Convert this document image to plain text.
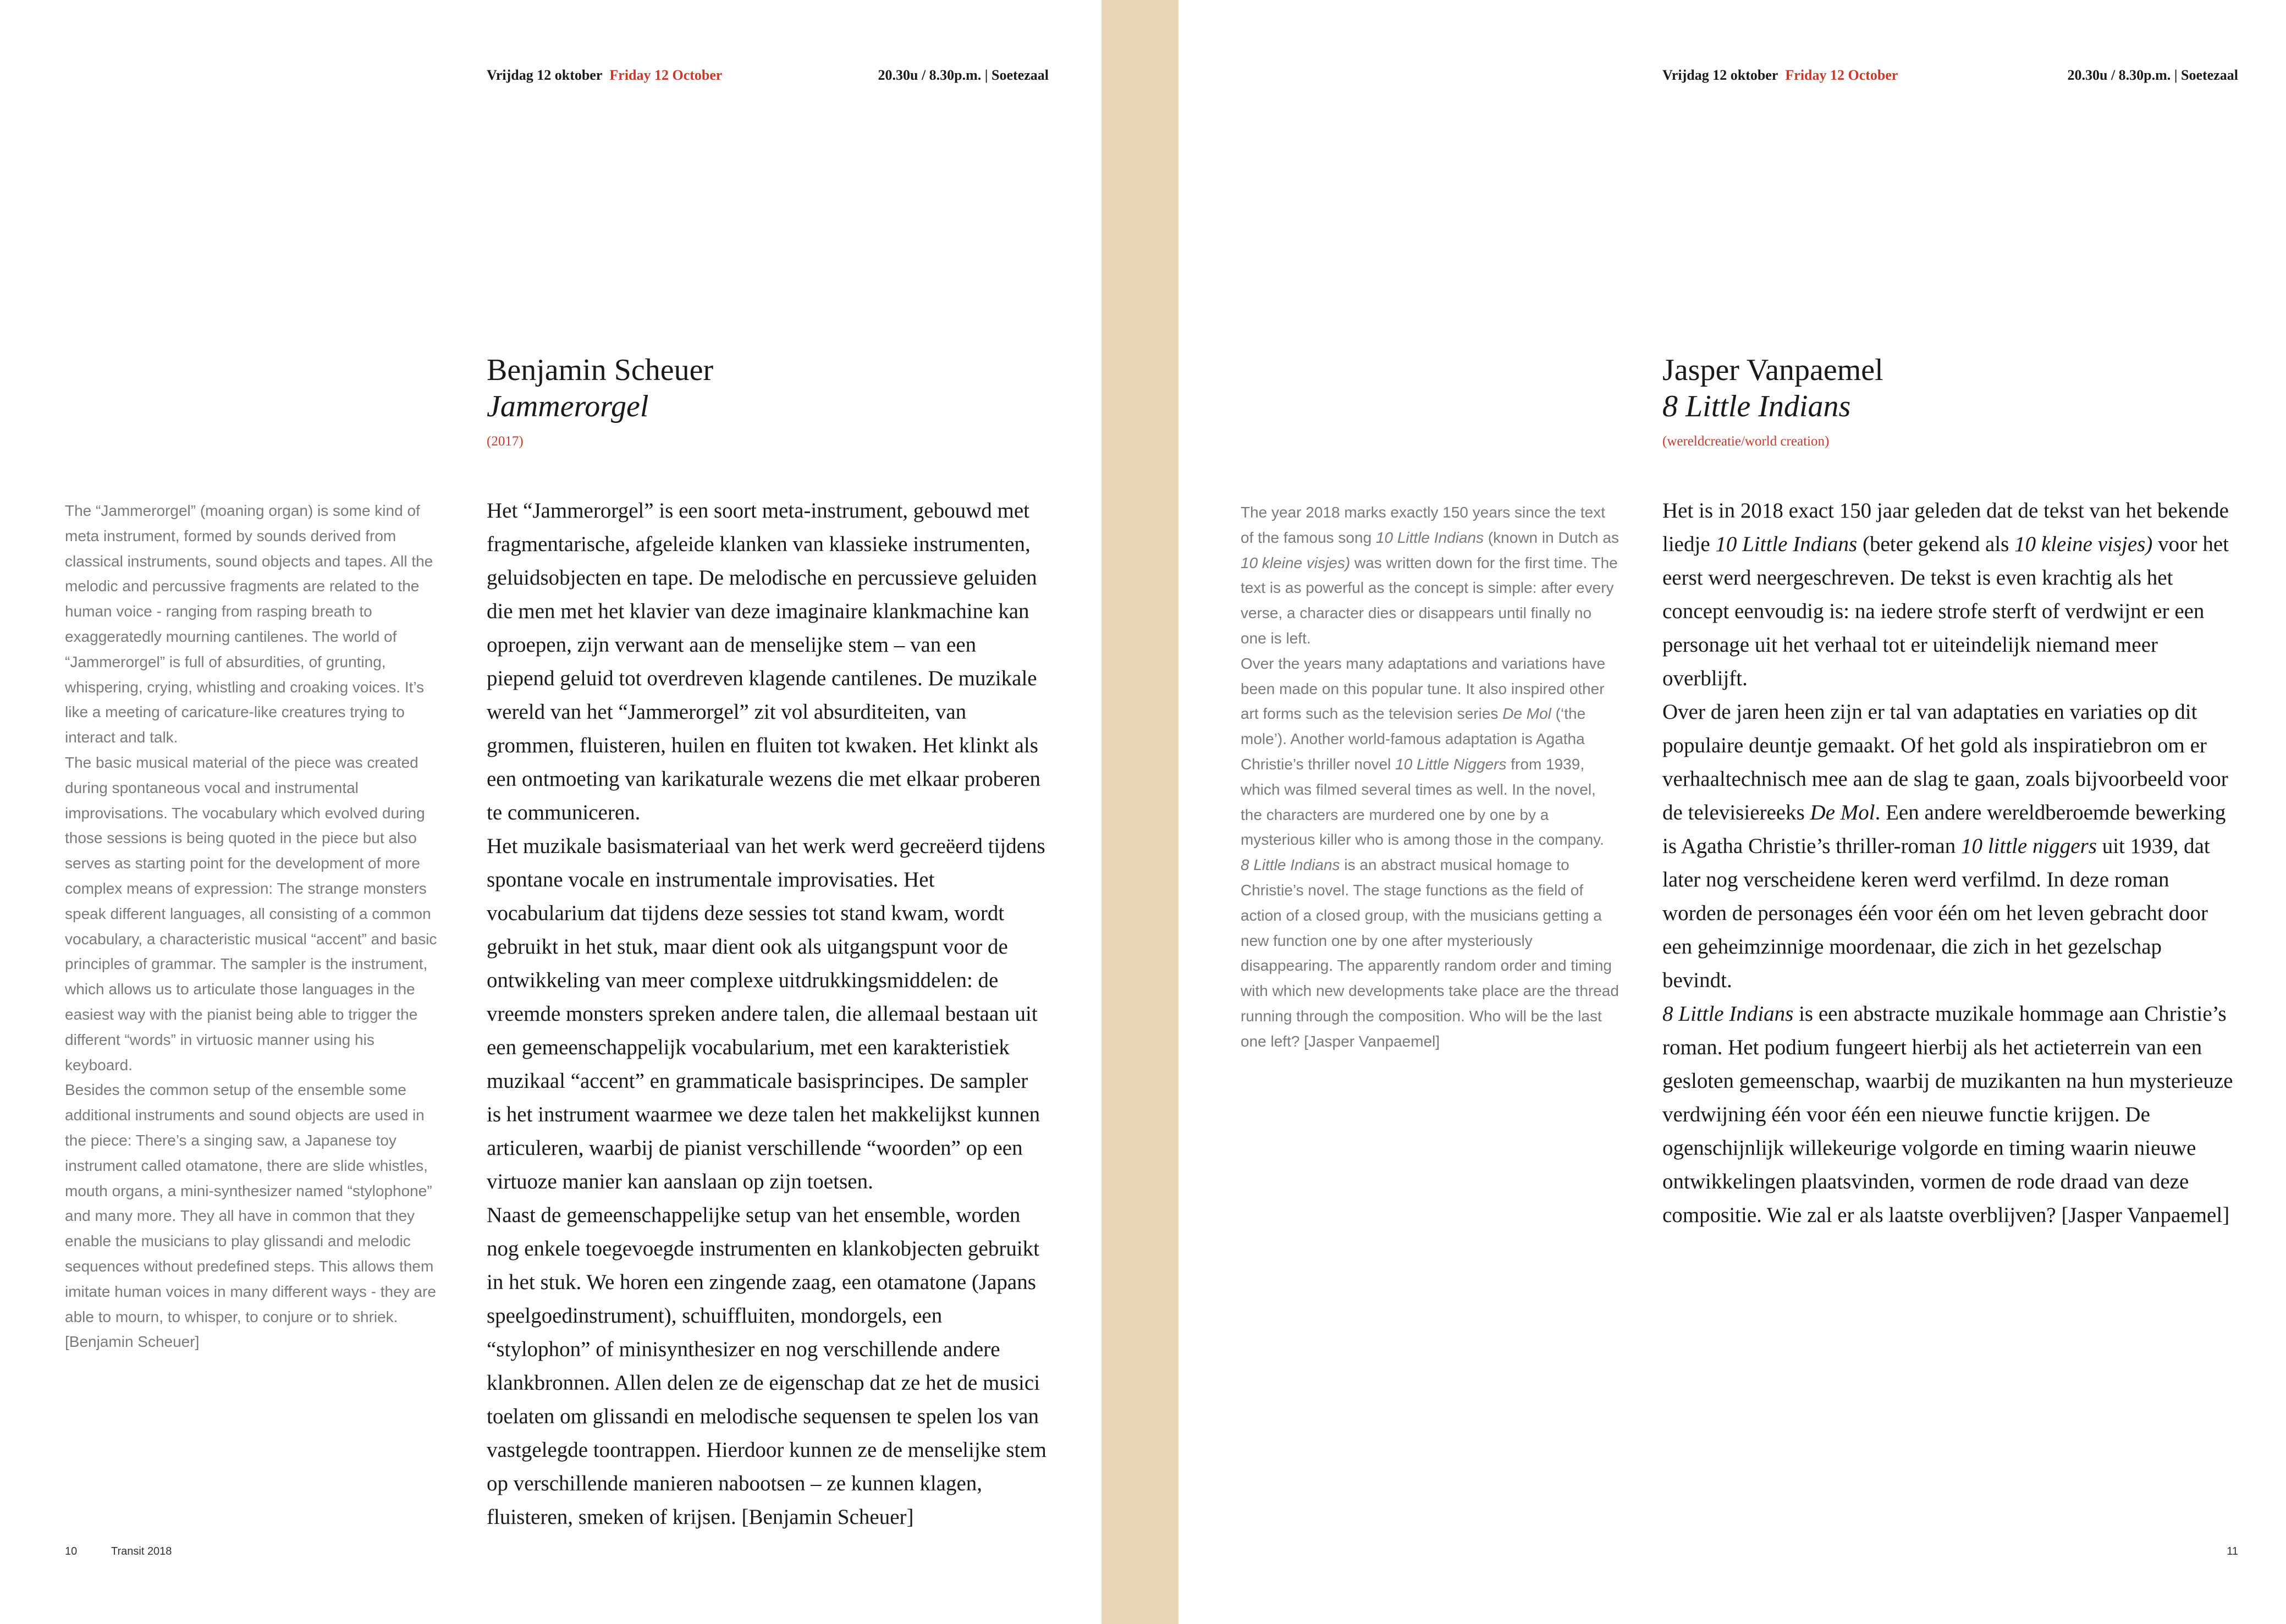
Vrijdag 12 oktober Friday 12 October	20.30u / 8.30p.m. | Soetezaal
Benjamin Scheuer
Jammerorgel
(2017)

The “Jammerorgel” (moaning organ) is some kind of meta instrument, formed by sounds derived from classical instruments, sound objects and tapes. All the melodic and percussive fragments are related to the human voice - ranging from rasping breath to exaggeratedly mourning cantilenes. The world of “Jammerorgel” is full of absurdities, of grunting, whispering, crying, whistling and croaking voices. It’s like a meeting of caricature-like creatures trying to interact and talk.

The basic musical material of the piece was created during spontaneous vocal and instrumental improvisations. The vocabulary which evolved during those sessions is being quoted in the piece but also serves as starting point for the development of more complex means of expression: The strange monsters speak different languages, all consisting of a common vocabulary, a characteristic musical “accent” and basic principles of grammar. The sampler is the instrument, which allows us to articulate those languages in the easiest way with the pianist being able to trigger the different “words” in virtuosic manner using his keyboard.

Besides the common setup of the ensemble some additional instruments and sound objects are used in the piece: There’s a singing saw, a Japanese toy instrument called otamatone, there are slide whistles, mouth organs, a mini-synthesizer named “stylophone” and many more. They all have in common that they enable the musicians to play glissandi and melodic sequences without predefined steps. This allows them imitate human voices in many different ways - they are able to mourn, to whisper, to conjure or to shriek. [Benjamin Scheuer]

Het “Jammerorgel” is een soort meta-instrument, gebouwd met fragmentarische, afgeleide klanken van klassieke instrumenten, geluidsobjecten en tape. De melodische en percussieve geluiden die men met het klavier van deze imaginaire klankmachine kan oproepen, zijn verwant aan de menselijke stem – van een piepend geluid tot overdreven klagende cantilenes. De muzikale wereld van het “Jammerorgel” zit vol absurditeiten, van grommen, fluisteren, huilen en fluiten tot kwaken. Het klinkt als een ontmoeting van karikaturale wezens die met elkaar proberen te communiceren.

Het muzikale basismateriaal van het werk werd gecreëerd tijdens spontane vocale en instrumentale improvisaties. Het vocabularium dat tijdens deze sessies tot stand kwam, wordt gebruikt in het stuk, maar dient ook als uitgangspunt voor de ontwikkeling van meer complexe uitdrukkingsmiddelen: de vreemde monsters spreken andere talen, die allemaal bestaan uit een gemeenschappelijk vocabularium, met een karakteristiek muzikaal “accent” en grammaticale basisprincipes. De sampler is het instrument waarmee we deze talen het makkelijkst kunnen articuleren, waarbij de pianist verschillende “woorden” op een virtuoze manier kan aanslaan op zijn toetsen.

Naast de gemeenschappelijke setup van het ensemble, worden nog enkele toegevoegde instrumenten en klankobjecten gebruikt in het stuk. We horen een zingende zaag, een otamatone (Japans speelgoedinstrument), schuiffluiten, mondorgels, een “stylophon” of minisynthesizer en nog verschillende andere klankbronnen. Allen delen ze de eigenschap dat ze het de musici toelaten om glissandi en melodische sequensen te spelen los van vastgelegde toontrappen. Hierdoor kunnen ze de menselijke stem op verschillende manieren nabootsen – ze kunnen klagen, fluisteren, smeken of krijsen. [Benjamin Scheuer]

10	Transit 2018
Vrijdag 12 oktober Friday 12 October	20.30u / 8.30p.m. | Soetezaal
Jasper Vanpaemel
8 Little Indians
(wereldcreatie/world creation)

The year 2018 marks exactly 150 years since the text of the famous song 10 Little Indians (known in Dutch as 10 kleine visjes) was written down for the first time. The text is as powerful as the concept is simple: after every verse, a character dies or disappears until finally no one is left.

Over the years many adaptations and variations have been made on this popular tune. It also inspired other art forms such as the television series De Mol (‘the mole’). Another world-famous adaptation is Agatha Christie’s thriller novel 10 Little Niggers from 1939, which was filmed several times as well. In the novel, the characters are murdered one by one by a mysterious killer who is among those in the company.

8 Little Indians is an abstract musical homage to Christie’s novel. The stage functions as the field of action of a closed group, with the musicians getting a new function one by one after mysteriously disappearing. The apparently random order and timing with which new developments take place are the thread running through the composition. Who will be the last one left? [Jasper Vanpaemel]

Het is in 2018 exact 150 jaar geleden dat de tekst van het bekende liedje 10 Little Indians (beter gekend als 10 kleine visjes) voor het eerst werd neergeschreven. De tekst is even krachtig als het concept eenvoudig is: na iedere strofe sterft of verdwijnt er een personage uit het verhaal tot er uiteindelijk niemand meer overblijft.

Over de jaren heen zijn er tal van adaptaties en variaties op dit populaire deuntje gemaakt. Of het gold als inspiratiebron om er verhaaltechnisch mee aan de slag te gaan, zoals bijvoorbeeld voor de televisiereeks De Mol. Een andere wereldberoemde bewerking is Agatha Christie’s thriller-roman 10 little niggers uit 1939, dat later nog verscheidene keren werd verfilmd. In deze roman worden de personages één voor één om het leven gebracht door een geheimzinnige moordenaar, die zich in het gezelschap bevindt.

8 Little Indians is een abstracte muzikale hommage aan Christie’s roman. Het podium fungeert hierbij als het actieterrein van een gesloten gemeenschap, waarbij de muzikanten na hun mysterieuze verdwijning één voor één een nieuwe functie krijgen. De ogenschijnlijk willekeurige volgorde en timing waarin nieuwe ontwikkelingen plaatsvinden, vormen de rode draad van deze compositie. Wie zal er als laatste overblijven? [Jasper Vanpaemel]

11
